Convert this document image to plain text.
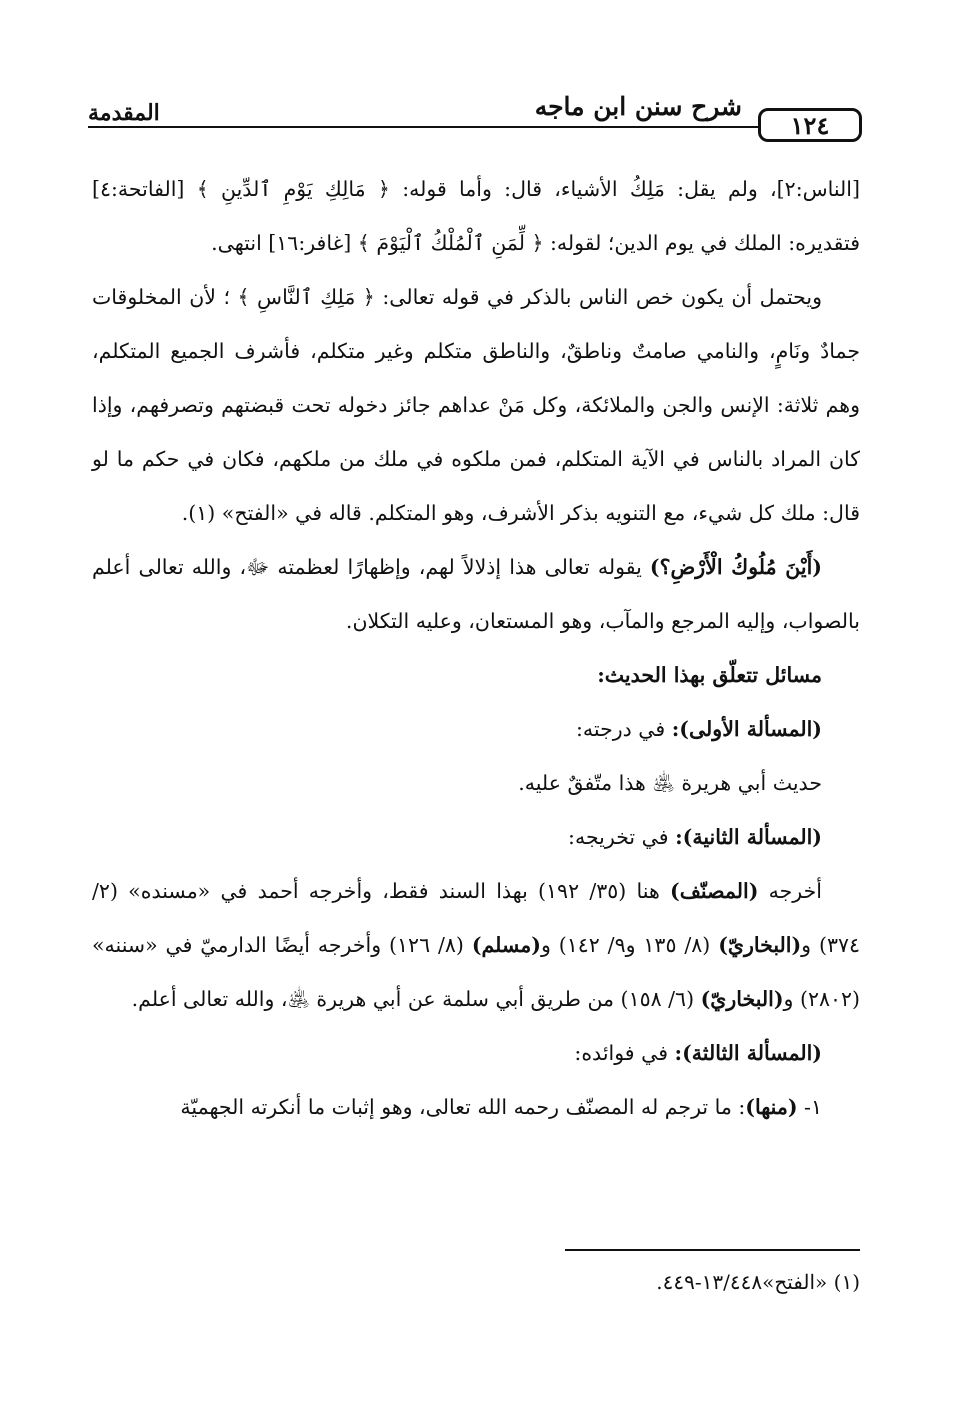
١٢٤
شرح سنن ابن ماجه
المقدمة

[الناس:٢]، ولم يقل: مَلِكُ الأشياء، قال: وأما قوله: ﴿ مَالِكِ يَوْمِ ٱلدِّينِ ﴾ [الفاتحة:٤] فتقديره: الملك في يوم الدين؛ لقوله: ﴿ لِّمَنِ ٱلْمُلْكُ ٱلْيَوْمَ ﴾ [غافر:١٦] انتهى.

ويحتمل أن يكون خص الناس بالذكر في قوله تعالى: ﴿ مَلِكِ ٱلنَّاسِ ﴾ ؛ لأن المخلوقات جمادٌ ونَامٍ، والنامي صامتٌ وناطقٌ، والناطق متكلم وغير متكلم، فأشرف الجميع المتكلم، وهم ثلاثة: الإنس والجن والملائكة، وكل مَنْ عداهم جائز دخوله تحت قبضتهم وتصرفهم، وإذا كان المراد بالناس في الآية المتكلم، فمن ملكوه في ملك من ملكهم، فكان في حكم ما لو قال: ملك كل شيء، مع التنويه بذكر الأشرف، وهو المتكلم. قاله في «الفتح» (١).

(أَيْنَ مُلُوكُ الْأَرْضِ؟) يقوله تعالى هذا إذلالاً لهم، وإظهارًا لعظمته ﷻ، والله تعالى أعلم بالصواب، وإليه المرجع والمآب، وهو المستعان، وعليه التكلان.

مسائل تتعلّق بهذا الحديث:

(المسألة الأولى): في درجته:

حديث أبي هريرة ﵁ هذا متّفقٌ عليه.

(المسألة الثانية): في تخريجه:

أخرجه (المصنّف) هنا (٣٥/ ١٩٢) بهذا السند فقط، وأخرجه أحمد في «مسنده» (٢/ ٣٧٤) و(البخاريّ) (٨/ ١٣٥ و٩/ ١٤٢) و(مسلم) (٨/ ١٢٦) وأخرجه أيضًا الدارميّ في «سننه» (٢٨٠٢) و(البخاريّ) (٦/ ١٥٨) من طريق أبي سلمة عن أبي هريرة ﵁، والله تعالى أعلم.

(المسألة الثالثة): في فوائده:

١- (منها): ما ترجم له المصنّف رحمه الله تعالى، وهو إثبات ما أنكرته الجهميّة

(١) «الفتح»١٣/٤٤٨-٤٤٩.
